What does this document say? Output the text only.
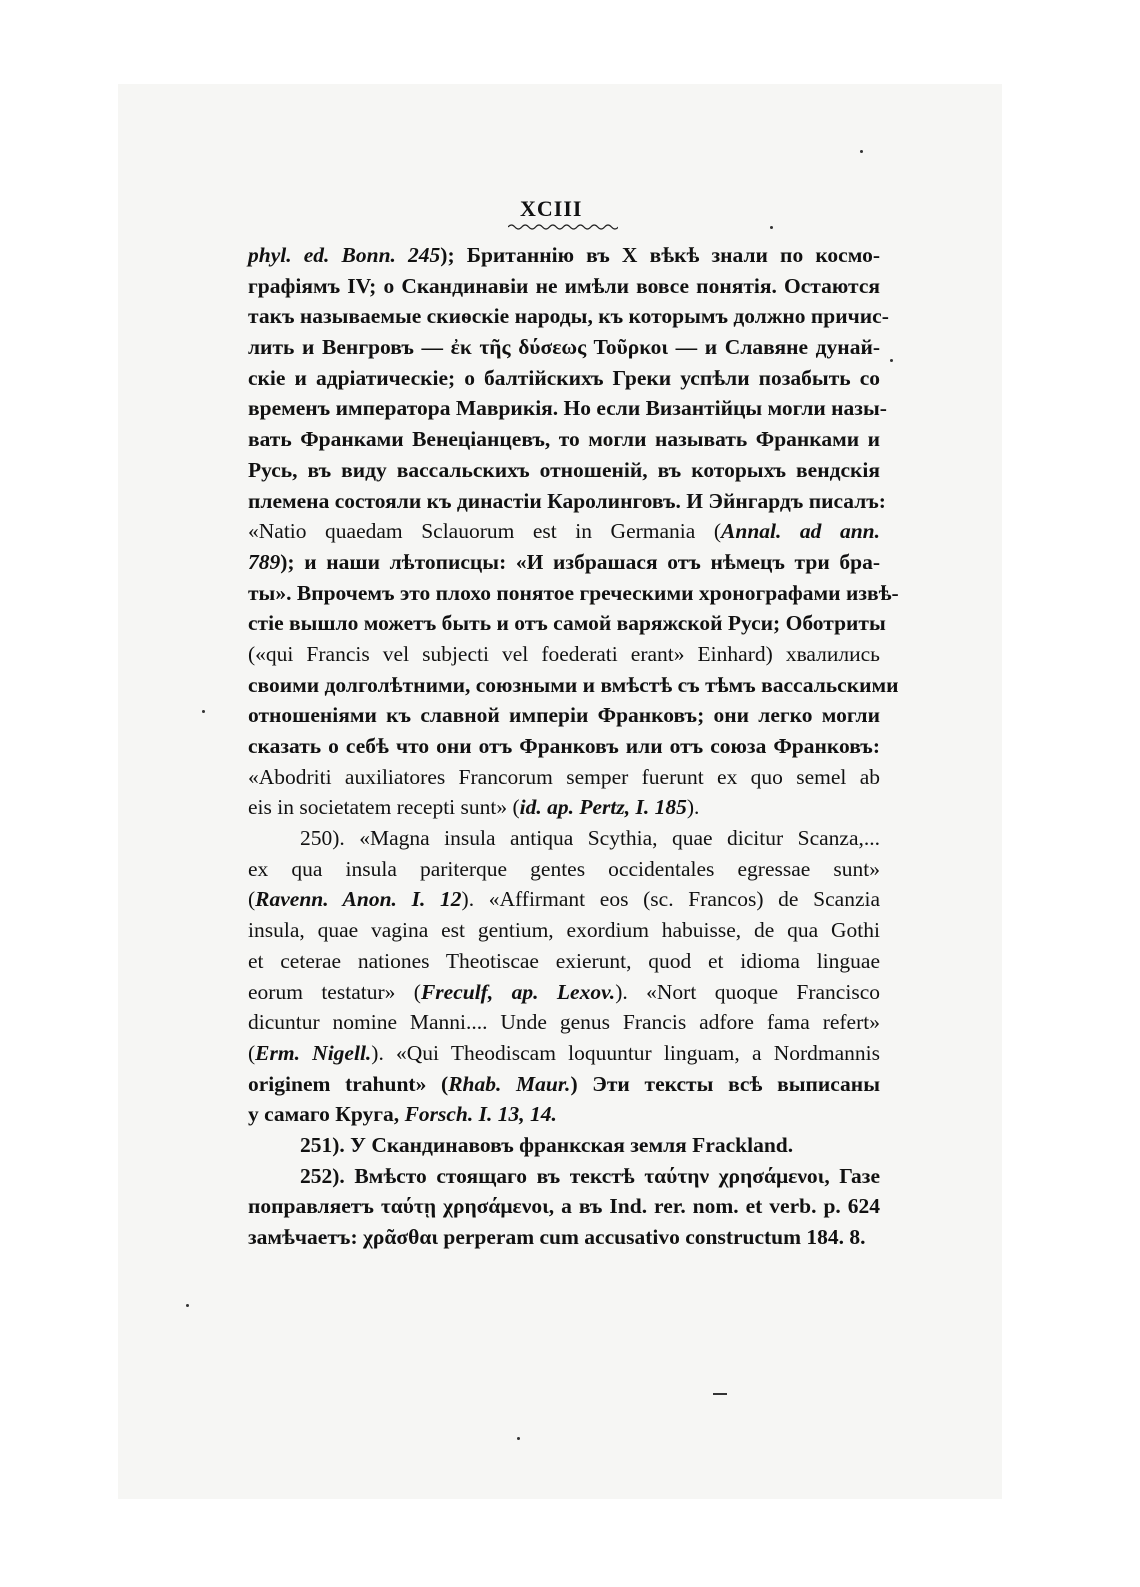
XCIII
phyl. ed. Bonn. 245); Британнію въ X вѣкѣ знали по космо-
графіямъ IV; о Скандинавіи не имѣли вовсе понятія. Остаются
такъ называемые скиѳскіе народы, къ которымъ должно причис-
лить и Венгровъ — ἐκ τῆς δύσεως Τοῦρκοι — и Славяне дунай-
скіе и адріатическіе; о балтійскихъ Греки успѣли позабыть со
временъ императора Маврикія. Но если Византійцы могли назы-
вать Франками Венеціанцевъ, то могли называть Франками и
Русь, въ виду вассальскихъ отношеній, въ которыхъ вендскія
племена состояли къ династіи Каролинговъ. И Эйнгардъ писалъ:
«Natio quaedam Sclauorum est in Germania (Annal. ad ann.
789); и наши лѣтописцы: «И избрашася отъ нѣмецъ три бра-
ты». Впрочемъ это плохо понятое греческими хронографами извѣ-
стіе вышло можетъ быть и отъ самой варяжской Руси; Оботриты
(«qui Francis vel subjecti vel foederati erant» Einhard) хвалились
своими долголѣтними, союзными и вмѣстѣ съ тѣмъ вассальскими
отношеніями къ славной имперіи Франковъ; они легко могли
сказать о себѣ что они отъ Франковъ или отъ союза Франковъ:
«Abodriti auxiliatores Francorum semper fuerunt ex quo semel ab
eis in societatem recepti sunt» (id. ap. Pertz, I. 185).
250). «Magna insula antiqua Scythia, quae dicitur Scanza,...
ex qua insula pariterque gentes occidentales egressae sunt»
(Ravenn. Anon. I. 12). «Affirmant eos (sc. Francos) de Scanzia
insula, quae vagina est gentium, exordium habuisse, de qua Gothi
et ceterae nationes Theotiscae exierunt, quod et idioma linguae
eorum testatur» (Freculf, ap. Lexov.). «Nort quoque Francisco
dicuntur nomine Manni.... Unde genus Francis adfore fama refert»
(Erm. Nigell.). «Qui Theodiscam loquuntur linguam, a Nordmannis
originem trahunt» (Rhab. Maur.) Эти тексты всѣ выписаны
у самаго Круга, Forsch. I. 13, 14.
251). У Скандинавовъ франкская земля Frackland.
252). Вмѣсто стоящаго въ текстѣ ταύτην χρησάμενοι, Газе
поправляетъ ταύτῃ χρησάμενοι, а въ Ind. rer. nom. et verb. p. 624
замѣчаетъ: χρᾶσθαι perperam cum accusativo constructum 184. 8.
